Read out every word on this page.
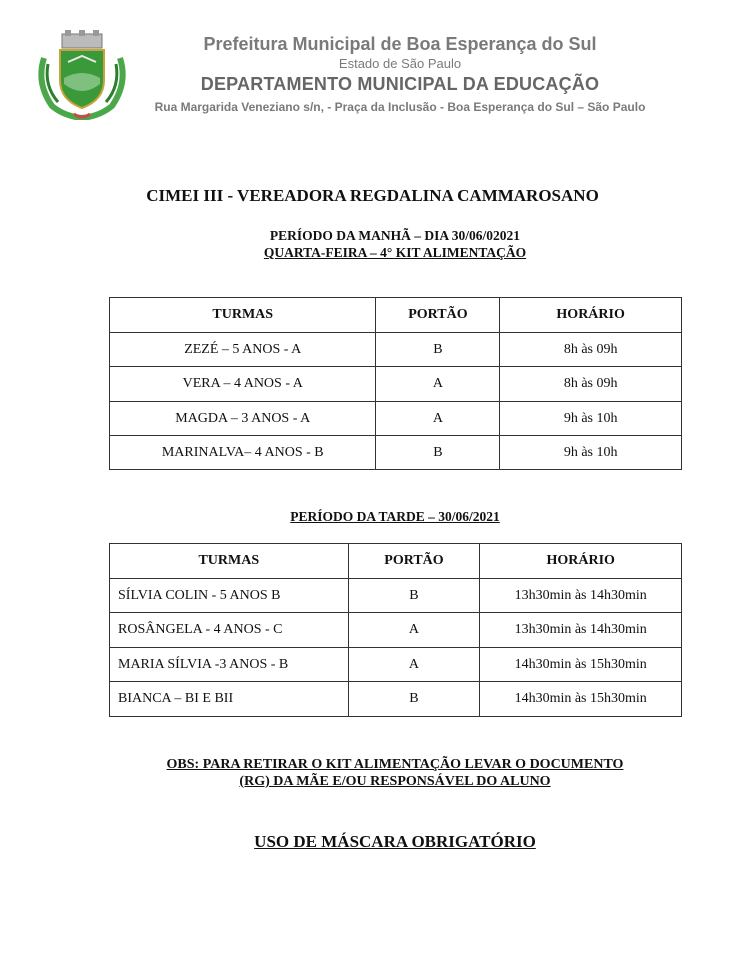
Prefeitura Municipal de Boa Esperança do Sul
Estado de São Paulo
DEPARTAMENTO MUNICIPAL DA EDUCAÇÃO
Rua Margarida Veneziano s/n, - Praça da Inclusão - Boa Esperança do Sul – São Paulo
CIMEI III - VEREADORA REGDALINA CAMMAROSANO
PERÍODO DA MANHÃ – DIA 30/06/02021
QUARTA-FEIRA – 4° KIT ALIMENTAÇÃO
TURMAS	PORTÃO	HORÁRIO
ZEZÉ – 5 ANOS - A	B	8h às 09h
VERA – 4 ANOS - A	A	8h às 09h
MAGDA – 3 ANOS - A	A	9h às 10h
MARINALVA– 4 ANOS - B	B	9h às 10h
PERÍODO DA TARDE – 30/06/2021
TURMAS	PORTÃO	HORÁRIO
SÍLVIA COLIN - 5 ANOS B	B	13h30min às 14h30min
ROSÂNGELA - 4 ANOS - C	A	13h30min às 14h30min
MARIA SÍLVIA -3 ANOS - B	A	14h30min às 15h30min
BIANCA – BI E BII	B	14h30min às 15h30min
OBS: PARA RETIRAR O KIT ALIMENTAÇÃO LEVAR O DOCUMENTO
(RG) DA MÃE E/OU RESPONSÁVEL DO ALUNO
USO DE MÁSCARA OBRIGATÓRIO
